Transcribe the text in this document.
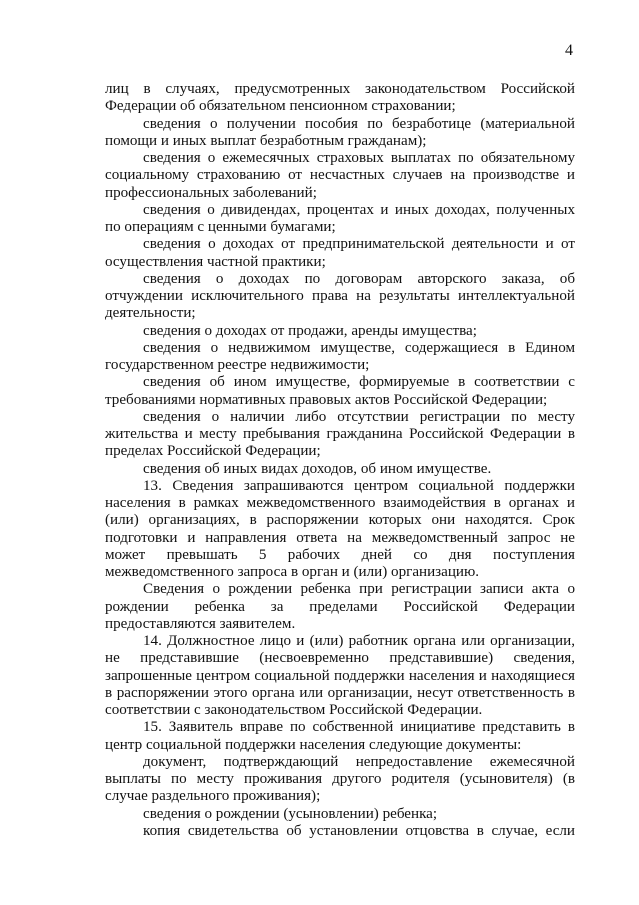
4

лиц в случаях, предусмотренных законодательством Российской Федерации об обязательном пенсионном страховании;

сведения о получении пособия по безработице (материальной помощи и иных выплат безработным гражданам);

сведения о ежемесячных страховых выплатах по обязательному социальному страхованию от несчастных случаев на производстве и профессиональных заболеваний;

сведения о дивидендах, процентах и иных доходах, полученных по операциям с ценными бумагами;

сведения о доходах от предпринимательской деятельности и от осуществления частной практики;

сведения о доходах по договорам авторского заказа, об отчуждении исключительного права на результаты интеллектуальной деятельности;

сведения о доходах от продажи, аренды имущества;

сведения о недвижимом имуществе, содержащиеся в Едином государственном реестре недвижимости;

сведения об ином имуществе, формируемые в соответствии с требованиями нормативных правовых актов Российской Федерации;

сведения о наличии либо отсутствии регистрации по месту жительства и месту пребывания гражданина Российской Федерации в пределах Российской Федерации;

сведения об иных видах доходов, об ином имуществе.

13. Сведения запрашиваются центром социальной поддержки населения в рамках межведомственного взаимодействия в органах и (или) организациях, в распоряжении которых они находятся. Срок подготовки и направления ответа на межведомственный запрос не может превышать 5 рабочих дней со дня поступления межведомственного запроса в орган и (или) организацию.

Сведения о рождении ребенка при регистрации записи акта о рождении ребенка за пределами Российской Федерации предоставляются заявителем.

14. Должностное лицо и (или) работник органа или организации, не представившие (несвоевременно представившие) сведения, запрошенные центром социальной поддержки населения и находящиеся в распоряжении этого органа или организации, несут ответственность в соответствии с законодательством Российской Федерации.

15. Заявитель вправе по собственной инициативе представить в центр социальной поддержки населения следующие документы:

документ, подтверждающий непредоставление ежемесячной выплаты по месту проживания другого родителя (усыновителя) (в случае раздельного проживания);

сведения о рождении (усыновлении) ребенка;

копия свидетельства об установлении отцовства в случае, если
